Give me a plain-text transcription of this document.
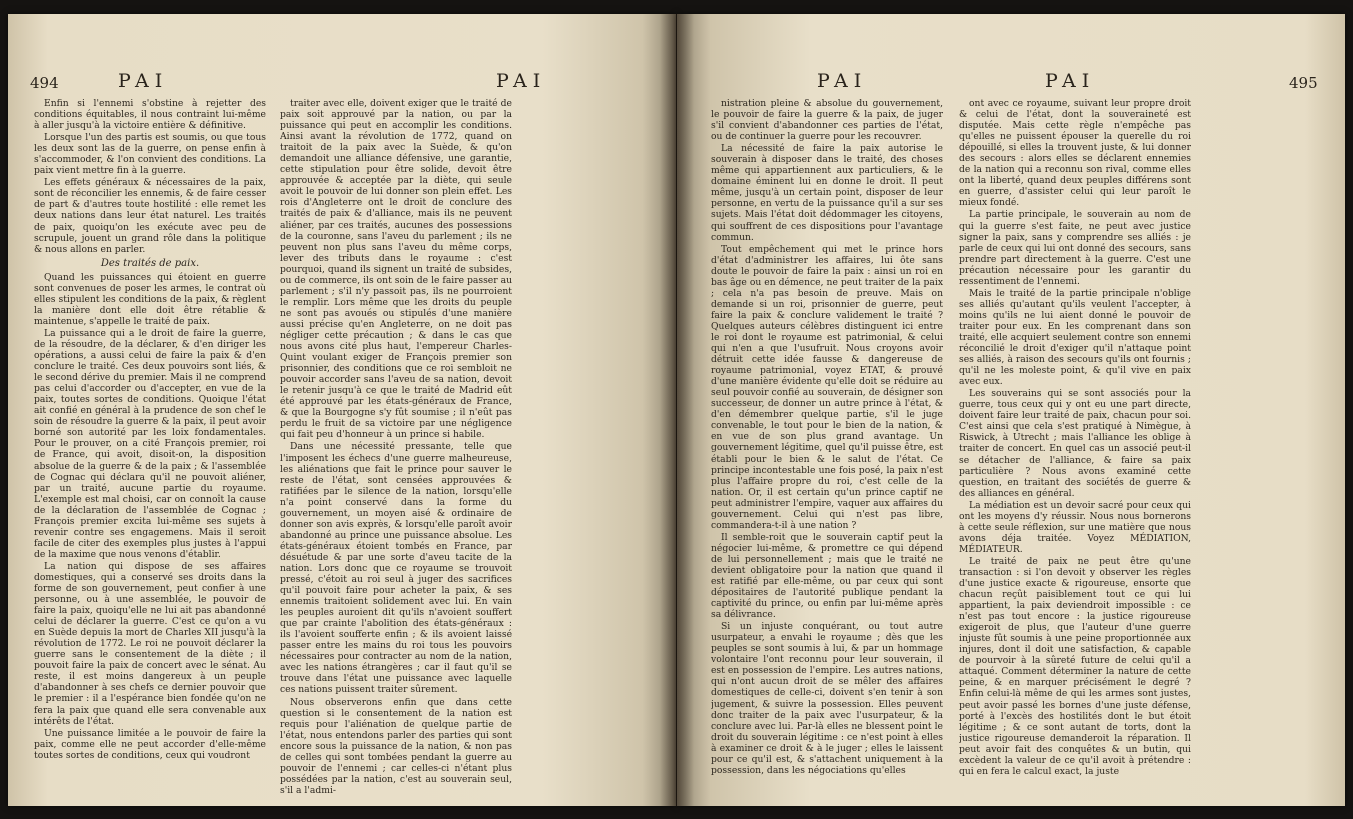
494	PAI	PAI

Enfin si l'ennemi s'obstine à rejetter des conditions équitables, il nous contraint lui-même à aller jusqu'à la victoire entière & définitive.

Lorsque l'un des partis est soumis, ou que tous les deux sont las de la guerre, on pense enfin à s'accommoder, & l'on convient des conditions. La paix vient mettre fin à la guerre.

Les effets généraux & nécessaires de la paix, sont de réconcilier les ennemis, & de faire cesser de part & d'autres toute hostilité : elle remet les deux nations dans leur état naturel. Les traités de paix, quoiqu'on les exécute avec peu de scrupule, jouent un grand rôle dans la politique & nous allons en parler.

Des traités de paix.

Quand les puissances qui étoient en guerre sont convenues de poser les armes, le contrat où elles stipulent les conditions de la paix, & règlent la manière dont elle doit être rétablie & maintenue, s'appelle le traité de paix.

La puissance qui a le droit de faire la guerre, de la résoudre, de la déclarer, & d'en diriger les opérations, a aussi celui de faire la paix & d'en conclure le traité. Ces deux pouvoirs sont liés, & le second dérive du premier. Mais il ne comprend pas celui d'accorder ou d'accepter, en vue de la paix, toutes sortes de conditions. Quoique l'état ait confié en général à la prudence de son chef le soin de résoudre la guerre & la paix, il peut avoir borné son autorité par les loix fondamentales. Pour le prouver, on a cité François premier, roi de France, qui avoit, disoit-on, la disposition absolue de la guerre & de la paix ; & l'assemblée de Cognac qui déclara qu'il ne pouvoit aliéner, par un traité, aucune partie du royaume. L'exemple est mal choisi, car on connoît la cause de la déclaration de l'assemblée de Cognac ; François premier excita lui-même ses sujets à revenir contre ses engagemens. Mais il seroit facile de citer des exemples plus justes à l'appui de la maxime que nous venons d'établir.

La nation qui dispose de ses affaires domestiques, qui a conservé ses droits dans la forme de son gouvernement, peut confier à une personne, ou à une assemblée, le pouvoir de faire la paix, quoiqu'elle ne lui ait pas abandonné celui de déclarer la guerre. C'est ce qu'on a vu en Suède depuis la mort de Charles XII jusqu'à la révolution de 1772. Le roi ne pouvoit déclarer la guerre sans le consentement de la diète ; il pouvoit faire la paix de concert avec le sénat. Au reste, il est moins dangereux à un peuple d'abandonner à ses chefs ce dernier pouvoir que le premier : il a l'espérance bien fondée qu'on ne fera la paix que quand elle sera convenable aux intérêts de l'état.

Une puissance limitée a le pouvoir de faire la paix, comme elle ne peut accorder d'elle-même toutes sortes de conditions, ceux qui voudront

traiter avec elle, doivent exiger que le traité de paix soit approuvé par la nation, ou par la puissance qui peut en accomplir les conditions. Ainsi avant la révolution de 1772, quand on traitoit de la paix avec la Suède, & qu'on demandoit une alliance défensive, une garantie, cette stipulation pour être solide, devoit être approuvée & acceptée par la diète, qui seule avoit le pouvoir de lui donner son plein effet. Les rois d'Angleterre ont le droit de conclure des traités de paix & d'alliance, mais ils ne peuvent aliéner, par ces traités, aucunes des possessions de la couronne, sans l'aveu du parlement ; ils ne peuvent non plus sans l'aveu du même corps, lever des tributs dans le royaume : c'est pourquoi, quand ils signent un traité de subsides, ou de commerce, ils ont soin de le faire passer au parlement ; s'il n'y passoit pas, ils ne pourroient le remplir. Lors même que les droits du peuple ne sont pas avoués ou stipulés d'une manière aussi précise qu'en Angleterre, on ne doit pas négliger cette précaution ; & dans le cas que nous avons cité plus haut, l'empereur Charles-Quint voulant exiger de François premier son prisonnier, des conditions que ce roi sembloit ne pouvoir accorder sans l'aveu de sa nation, devoit le retenir jusqu'à ce que le traité de Madrid eût été approuvé par les états-généraux de France, & que la Bourgogne s'y fût soumise ; il n'eût pas perdu le fruit de sa victoire par une négligence qui fait peu d'honneur à un prince si habile.

Dans une nécessité pressante, telle que l'imposent les échecs d'une guerre malheureuse, les aliénations que fait le prince pour sauver le reste de l'état, sont censées approuvées & ratifiées par le silence de la nation, lorsqu'elle n'a point conservé dans la forme du gouvernement, un moyen aisé & ordinaire de donner son avis exprès, & lorsqu'elle paroît avoir abandonné au prince une puissance absolue. Les états-généraux étoient tombés en France, par désuétude & par une sorte d'aveu tacite de la nation. Lors donc que ce royaume se trouvoit pressé, c'étoit au roi seul à juger des sacrifices qu'il pouvoit faire pour acheter la paix, & ses ennemis traitoient solidement avec lui. En vain les peuples auroient dit qu'ils n'avoient souffert que par crainte l'abolition des états-généraux : ils l'avoient soufferte enfin ; & ils avoient laissé passer entre les mains du roi tous les pouvoirs nécessaires pour contracter au nom de la nation, avec les nations étrangères ; car il faut qu'il se trouve dans l'état une puissance avec laquelle ces nations puissent traiter sûrement.

Nous observerons enfin que dans cette question si le consentement de la nation est requis pour l'aliénation de quelque partie de l'état, nous entendons parler des parties qui sont encore sous la puissance de la nation, & non pas de celles qui sont tombées pendant la guerre au pouvoir de l'ennemi ; car celles-ci n'étant plus possédées par la nation, c'est au souverain seul, s'il a l'admi-

PAI	PAI	495

nistration pleine & absolue du gouvernement, le pouvoir de faire la guerre & la paix, de juger s'il convient d'abandonner ces parties de l'état, ou de continuer la guerre pour les recouvrer.

La nécessité de faire la paix autorise le souverain à disposer dans le traité, des choses même qui appartiennent aux particuliers, & le domaine éminent lui en donne le droit. Il peut même, jusqu'à un certain point, disposer de leur personne, en vertu de la puissance qu'il a sur ses sujets. Mais l'état doit dédommager les citoyens, qui souffrent de ces dispositions pour l'avantage commun.

Tout empêchement qui met le prince hors d'état d'administrer les affaires, lui ôte sans doute le pouvoir de faire la paix : ainsi un roi en bas âge ou en démence, ne peut traiter de la paix ; cela n'a pas besoin de preuve. Mais on demande si un roi, prisonnier de guerre, peut faire la paix & conclure validement le traité ? Quelques auteurs célèbres distinguent ici entre le roi dont le royaume est patrimonial, & celui qui n'en a que l'usufruit. Nous croyons avoir détruit cette idée fausse & dangereuse de royaume patrimonial, voyez ETAT, & prouvé d'une manière évidente qu'elle doit se réduire au seul pouvoir confié au souverain, de désigner son successeur, de donner un autre prince à l'état, & d'en démembrer quelque partie, s'il le juge convenable, le tout pour le bien de la nation, & en vue de son plus grand avantage. Un gouvernement légitime, quel qu'il puisse être, est établi pour le bien & le salut de l'état. Ce principe incontestable une fois posé, la paix n'est plus l'affaire propre du roi, c'est celle de la nation. Or, il est certain qu'un prince captif ne peut administrer l'empire, vaquer aux affaires du gouvernement. Celui qui n'est pas libre, commandera-t-il à une nation ?

Il semble-roit que le souverain captif peut la négocier lui-même, & promettre ce qui dépend de lui personnellement ; mais que le traité ne devient obligatoire pour la nation que quand il est ratifié par elle-même, ou par ceux qui sont dépositaires de l'autorité publique pendant la captivité du prince, ou enfin par lui-même après sa délivrance.

Si un injuste conquérant, ou tout autre usurpateur, a envahi le royaume ; dès que les peuples se sont soumis à lui, & par un hommage volontaire l'ont reconnu pour leur souverain, il est en possession de l'empire. Les autres nations, qui n'ont aucun droit de se mêler des affaires domestiques de celle-ci, doivent s'en tenir à son jugement, & suivre la possession. Elles peuvent donc traiter de la paix avec l'usurpateur, & la conclure avec lui. Par-là elles ne blessent point le droit du souverain légitime : ce n'est point à elles à examiner ce droit & à le juger ; elles le laissent pour ce qu'il est, & s'attachent uniquement à la possession, dans les négociations qu'elles

ont avec ce royaume, suivant leur propre droit & celui de l'état, dont la souveraineté est disputée. Mais cette règle n'empêche pas qu'elles ne puissent épouser la querelle du roi dépouillé, si elles la trouvent juste, & lui donner des secours : alors elles se déclarent ennemies de la nation qui a reconnu son rival, comme elles ont la liberté, quand deux peuples différens sont en guerre, d'assister celui qui leur paroît le mieux fondé.

La partie principale, le souverain au nom de qui la guerre s'est faite, ne peut avec justice signer la paix, sans y comprendre ses alliés : je parle de ceux qui lui ont donné des secours, sans prendre part directement à la guerre. C'est une précaution nécessaire pour les garantir du ressentiment de l'ennemi.

Mais le traité de la partie principale n'oblige ses alliés qu'autant qu'ils veulent l'accepter, à moins qu'ils ne lui aient donné le pouvoir de traiter pour eux. En les comprenant dans son traité, elle acquiert seulement contre son ennemi réconcilié le droit d'exiger qu'il n'attaque point ses alliés, à raison des secours qu'ils ont fournis ; qu'il ne les moleste point, & qu'il vive en paix avec eux.

Les souverains qui se sont associés pour la guerre, tous ceux qui y ont eu une part directe, doivent faire leur traité de paix, chacun pour soi. C'est ainsi que cela s'est pratiqué à Nimègue, à Riswick, à Utrecht ; mais l'alliance les oblige à traiter de concert. En quel cas un associé peut-il se détacher de l'alliance, & faire sa paix particulière ? Nous avons examiné cette question, en traitant des sociétés de guerre & des alliances en général.

La médiation est un devoir sacré pour ceux qui ont les moyens d'y réussir. Nous nous bornerons à cette seule réflexion, sur une matière que nous avons déja traitée. Voyez MÉDIATION, MÉDIATEUR.

Le traité de paix ne peut être qu'une transaction : si l'on devoit y observer les règles d'une justice exacte & rigoureuse, ensorte que chacun reçût paisiblement tout ce qui lui appartient, la paix deviendroit impossible : ce n'est pas tout encore : la justice rigoureuse exigeroit de plus, que l'auteur d'une guerre injuste fût soumis à une peine proportionnée aux injures, dont il doit une satisfaction, & capable de pourvoir à la sûreté future de celui qu'il a attaqué. Comment déterminer la nature de cette peine, & en marquer précisément le degré ? Enfin celui-là même de qui les armes sont justes, peut avoir passé les bornes d'une juste défense, porté à l'excès des hostilités dont le but étoit légitime ; & ce sont autant de torts, dont la justice rigoureuse demanderoit la réparation. Il peut avoir fait des conquêtes & un butin, qui excèdent la valeur de ce qu'il avoit à prétendre : qui en fera le calcul exact, la juste
